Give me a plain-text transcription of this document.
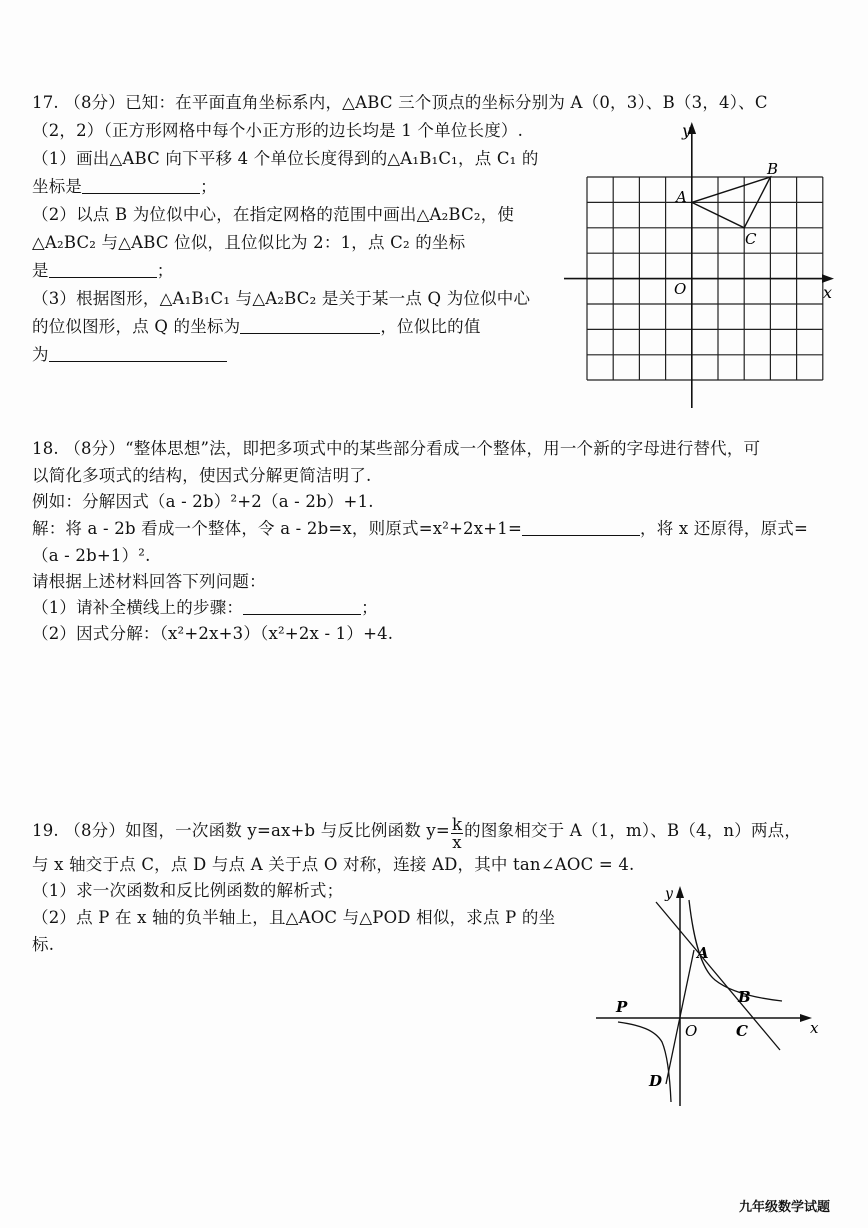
17. （8分）已知：在平面直角坐标系内，△ABC 三个顶点的坐标分别为 A（0，3）、B（3，4）、C
（2，2）（正方形网格中每个小正方形的边长均是 1 个单位长度）.
（1）画出△ABC 向下平移 4 个单位长度得到的△A₁B₁C₁，点 C₁ 的
坐标是	；
（2）以点 B 为位似中心，在指定网格的范围中画出△A₂BC₂，使
△A₂BC₂ 与△ABC 位似，且位似比为 2：1，点 C₂ 的坐标
是	；
（3）根据图形，△A₁B₁C₁ 与△A₂BC₂ 是关于某一点 Q 为位似中心
的位似图形，点 Q 的坐标为	，位似比的值
为
y
x
O
A
B
C
18. （8分）“整体思想”法，即把多项式中的某些部分看成一个整体，用一个新的字母进行替代，可
以简化多项式的结构，使因式分解更简洁明了.
例如：分解因式（a - 2b）²+2（a - 2b）+1.
解：将 a - 2b 看成一个整体，令 a - 2b=x，则原式=x²+2x+1=	，将 x 还原得，原式=
（a - 2b+1）².
请根据上述材料回答下列问题：
（1）请补全横线上的步骤：	；
（2）因式分解：（x²+2x+3）（x²+2x - 1）+4.
19. （8分）如图，一次函数 y=ax+b 与反比例函数 $y= \frac{k}{x}$ 的图象相交于 A（1，m）、B（4，n）两点，
与 x 轴交于点 C，点 D 与点 A 关于点 O 对称，连接 AD，其中 tan∠AOC = 4.
（1）求一次函数和反比例函数的解析式；
（2）点 P 在 x 轴的负半轴上，且△AOC 与△POD 相似，求点 P 的坐
标.
y
x
O
A
B
C
P
D
九年级数学试题
